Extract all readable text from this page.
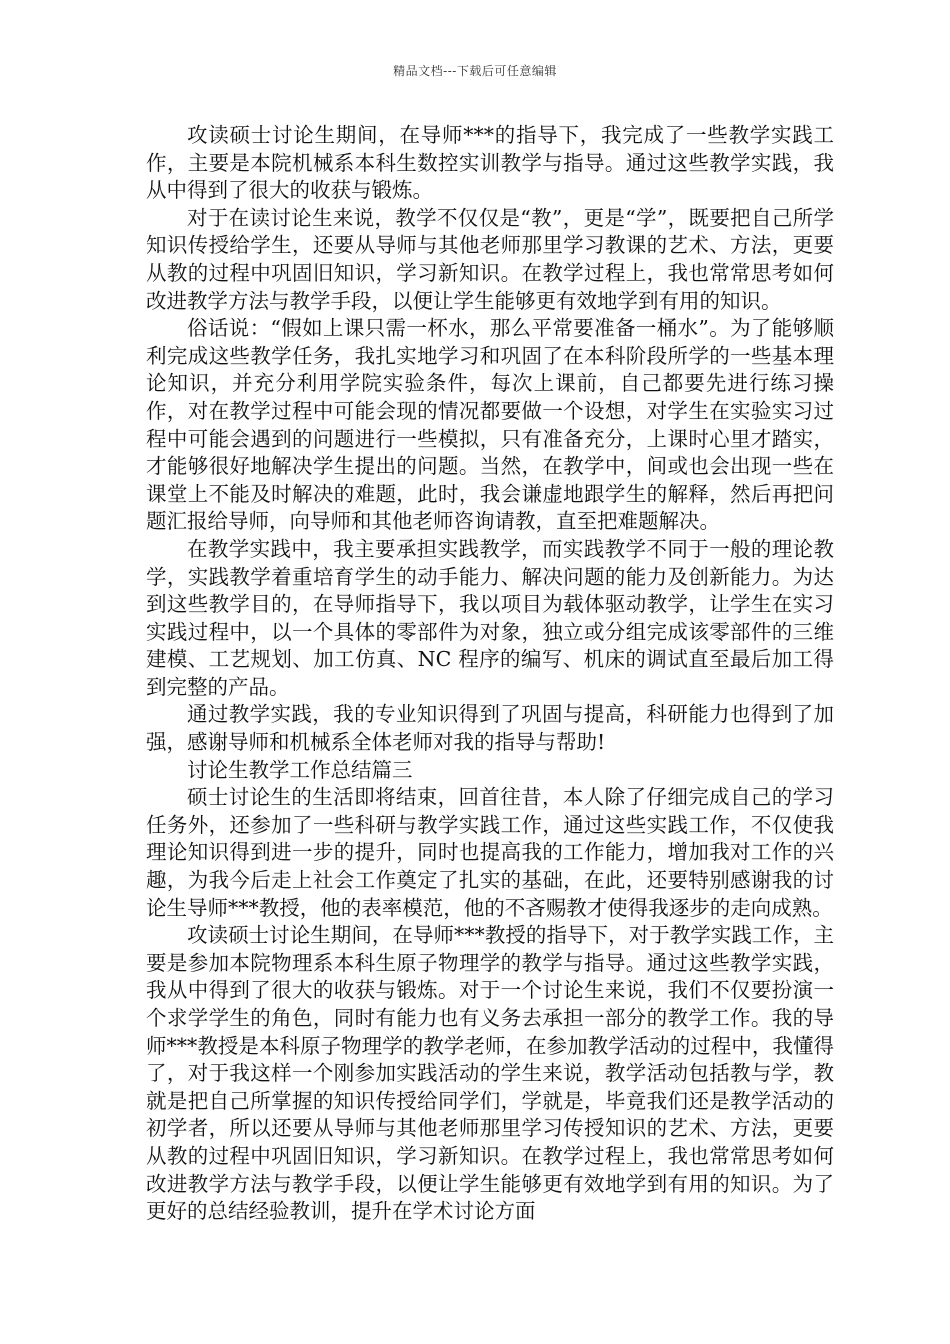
精品文档---下载后可任意编辑

攻读硕士讨论生期间，在导师***的指导下，我完成了一些教学实践工作，主要是本院机械系本科生数控实训教学与指导。通过这些教学实践，我从中得到了很大的收获与锻炼。

对于在读讨论生来说，教学不仅仅是“教”，更是“学”，既要把自己所学知识传授给学生，还要从导师与其他老师那里学习教课的艺术、方法，更要从教的过程中巩固旧知识，学习新知识。在教学过程上，我也常常思考如何改进教学方法与教学手段，以便让学生能够更有效地学到有用的知识。

俗话说：“假如上课只需一杯水，那么平常要准备一桶水”。为了能够顺利完成这些教学任务，我扎实地学习和巩固了在本科阶段所学的一些基本理论知识，并充分利用学院实验条件，每次上课前，自己都要先进行练习操作，对在教学过程中可能会现的情况都要做一个设想，对学生在实验实习过程中可能会遇到的问题进行一些模拟，只有准备充分，上课时心里才踏实，才能够很好地解决学生提出的问题。当然，在教学中，间或也会出现一些在课堂上不能及时解决的难题，此时，我会谦虚地跟学生的解释，然后再把问题汇报给导师，向导师和其他老师咨询请教，直至把难题解决。

在教学实践中，我主要承担实践教学，而实践教学不同于一般的理论教学，实践教学着重培育学生的动手能力、解决问题的能力及创新能力。为达到这些教学目的，在导师指导下，我以项目为载体驱动教学，让学生在实习实践过程中，以一个具体的零部件为对象，独立或分组完成该零部件的三维建模、工艺规划、加工仿真、NC 程序的编写、机床的调试直至最后加工得到完整的产品。

通过教学实践，我的专业知识得到了巩固与提高，科研能力也得到了加强，感谢导师和机械系全体老师对我的指导与帮助!

讨论生教学工作总结篇三

硕士讨论生的生活即将结束，回首往昔，本人除了仔细完成自己的学习任务外，还参加了一些科研与教学实践工作，通过这些实践工作，不仅使我理论知识得到进一步的提升，同时也提高我的工作能力，增加我对工作的兴趣，为我今后走上社会工作奠定了扎实的基础，在此，还要特别感谢我的讨论生导师***教授，他的表率模范，他的不吝赐教才使得我逐步的走向成熟。

攻读硕士讨论生期间，在导师***教授的指导下，对于教学实践工作，主要是参加本院物理系本科生原子物理学的教学与指导。通过这些教学实践，我从中得到了很大的收获与锻炼。对于一个讨论生来说，我们不仅要扮演一个求学学生的角色，同时有能力也有义务去承担一部分的教学工作。我的导师***教授是本科原子物理学的教学老师，在参加教学活动的过程中，我懂得了，对于我这样一个刚参加实践活动的学生来说，教学活动包括教与学，教就是把自己所掌握的知识传授给同学们，学就是，毕竟我们还是教学活动的初学者，所以还要从导师与其他老师那里学习传授知识的艺术、方法，更要从教的过程中巩固旧知识，学习新知识。在教学过程上，我也常常思考如何改进教学方法与教学手段，以便让学生能够更有效地学到有用的知识。为了更好的总结经验教训，提升在学术讨论方面
